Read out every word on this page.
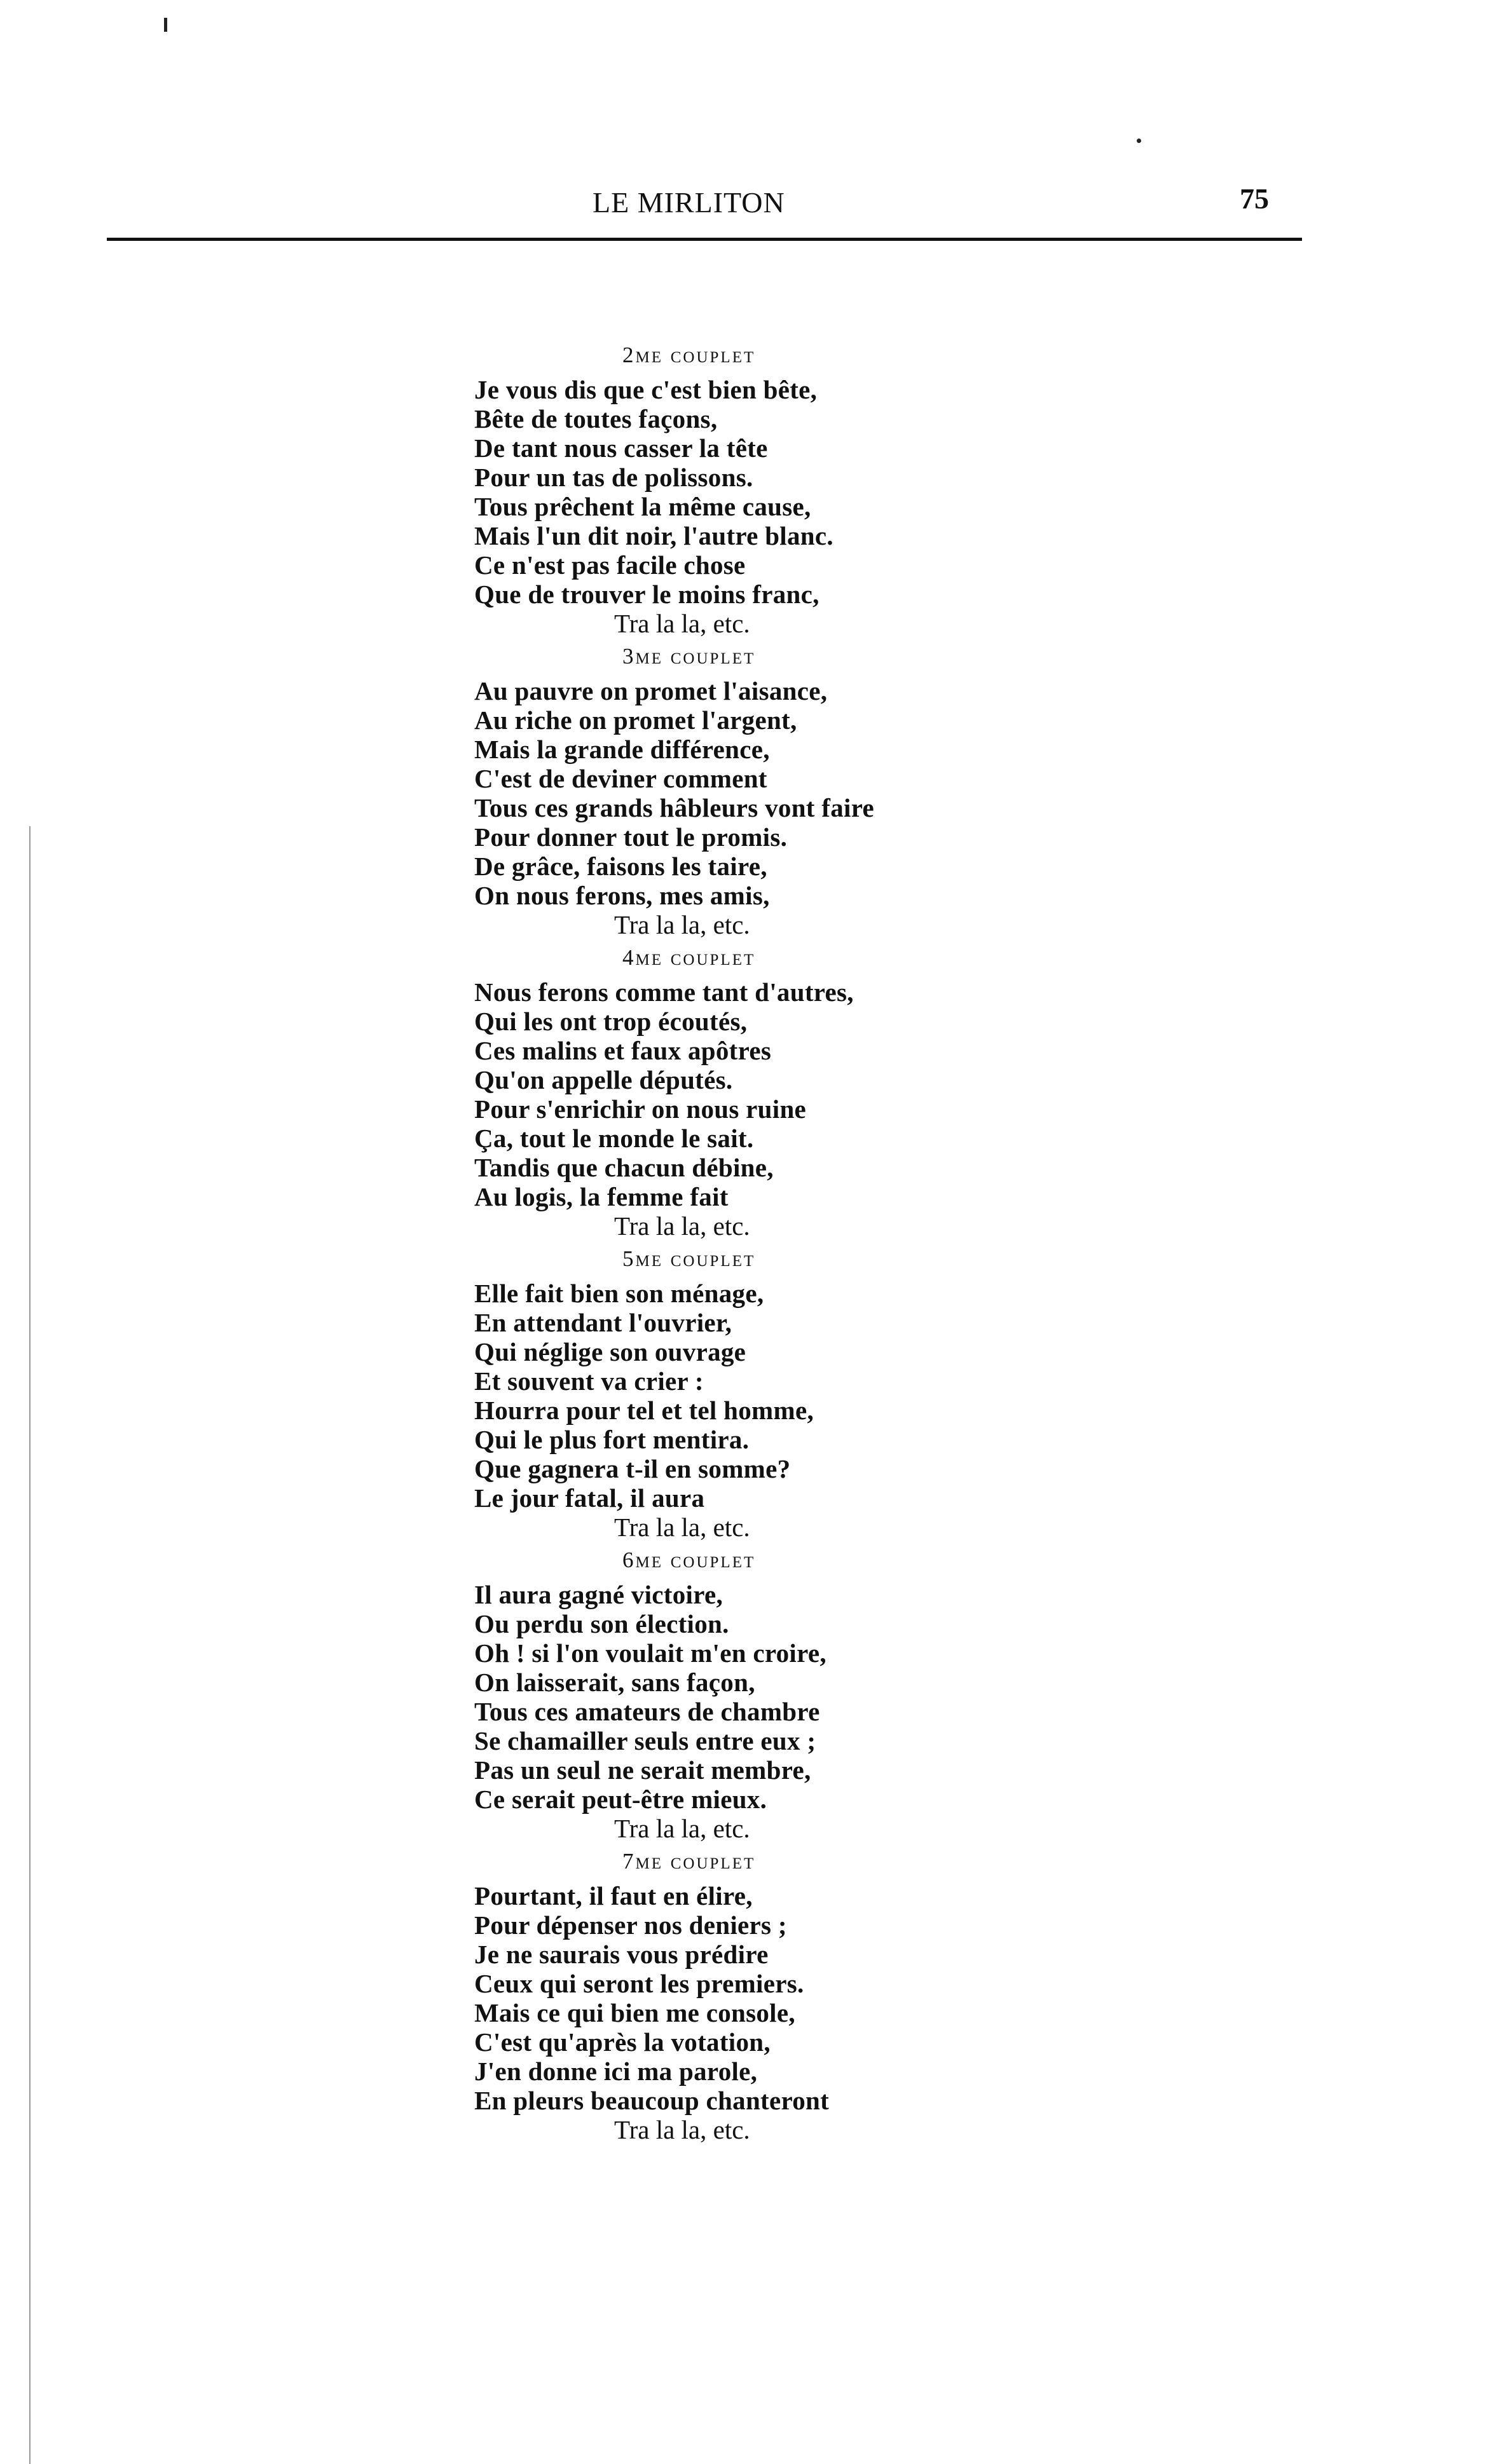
LE MIRLITON	75
2me couplet
Je vous dis que c'est bien bête,
Bête de toutes façons,
De tant nous casser la tête
Pour un tas de polissons.
Tous prêchent la même cause,
Mais l'un dit noir, l'autre blanc.
Ce n'est pas facile chose
Que de trouver le moins franc,
Tra la la, etc.
3me couplet
Au pauvre on promet l'aisance,
Au riche on promet l'argent,
Mais la grande différence,
C'est de deviner comment
Tous ces grands hâbleurs vont faire
Pour donner tout le promis.
De grâce, faisons les taire,
On nous ferons, mes amis,
Tra la la, etc.
4me couplet
Nous ferons comme tant d'autres,
Qui les ont trop écoutés,
Ces malins et faux apôtres
Qu'on appelle députés.
Pour s'enrichir on nous ruine
Ça, tout le monde le sait.
Tandis que chacun débine,
Au logis, la femme fait
Tra la la, etc.
5me couplet
Elle fait bien son ménage,
En attendant l'ouvrier,
Qui néglige son ouvrage
Et souvent va crier :
Hourra pour tel et tel homme,
Qui le plus fort mentira.
Que gagnera t-il en somme?
Le jour fatal, il aura
Tra la la, etc.
6me couplet
Il aura gagné victoire,
Ou perdu son élection.
Oh ! si l'on voulait m'en croire,
On laisserait, sans façon,
Tous ces amateurs de chambre
Se chamailler seuls entre eux ;
Pas un seul ne serait membre,
Ce serait peut-être mieux.
Tra la la, etc.
7me couplet
Pourtant, il faut en élire,
Pour dépenser nos deniers ;
Je ne saurais vous prédire
Ceux qui seront les premiers.
Mais ce qui bien me console,
C'est qu'après la votation,
J'en donne ici ma parole,
En pleurs beaucoup chanteront
Tra la la, etc.
